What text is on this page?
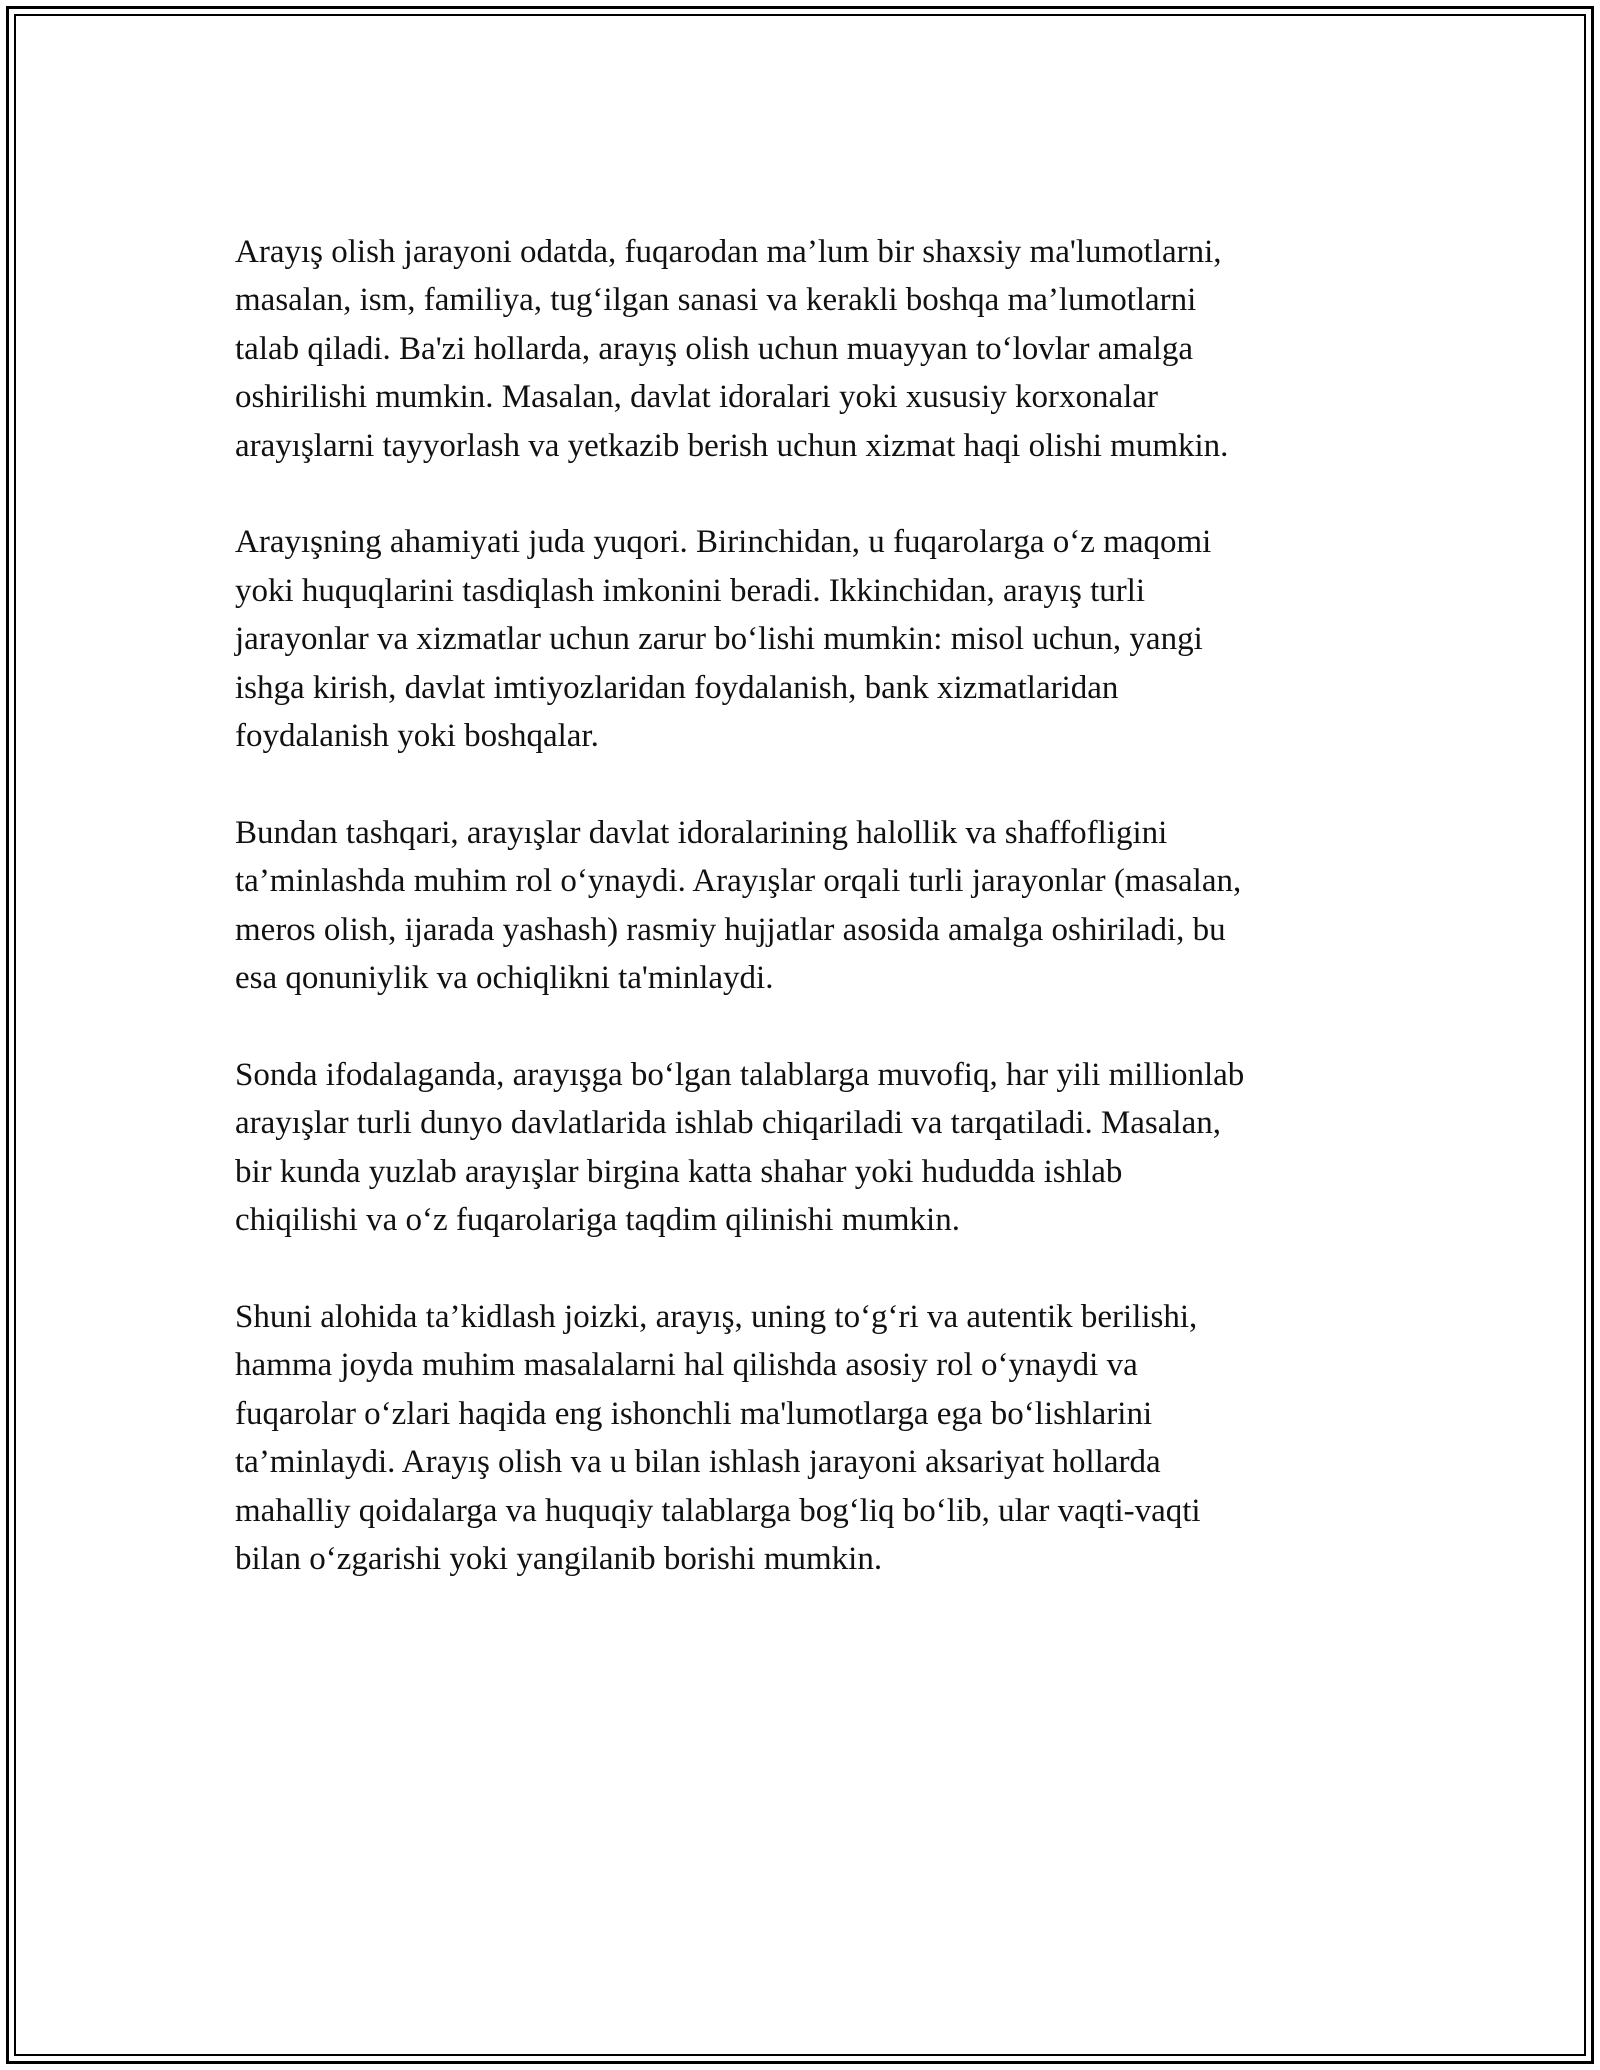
Arayış olish jarayoni odatda, fuqarodan ma’lum bir shaxsiy ma'lumotlarni,
masalan, ism, familiya, tug‘ilgan sanasi va kerakli boshqa ma’lumotlarni
talab qiladi. Ba'zi hollarda, arayış olish uchun muayyan to‘lovlar amalga
oshirilishi mumkin. Masalan, davlat idoralari yoki xususiy korxonalar
arayışlarni tayyorlash va yetkazib berish uchun xizmat haqi olishi mumkin.

Arayışning ahamiyati juda yuqori. Birinchidan, u fuqarolarga o‘z maqomi
yoki huquqlarini tasdiqlash imkonini beradi. Ikkinchidan, arayış turli
jarayonlar va xizmatlar uchun zarur bo‘lishi mumkin: misol uchun, yangi
ishga kirish, davlat imtiyozlaridan foydalanish, bank xizmatlaridan
foydalanish yoki boshqalar.

Bundan tashqari, arayışlar davlat idoralarining halollik va shaffofligini
ta’minlashda muhim rol o‘ynaydi. Arayışlar orqali turli jarayonlar (masalan,
meros olish, ijarada yashash) rasmiy hujjatlar asosida amalga oshiriladi, bu
esa qonuniylik va ochiqlikni ta'minlaydi.

Sonda ifodalaganda, arayışga bo‘lgan talablarga muvofiq, har yili millionlab
arayışlar turli dunyo davlatlarida ishlab chiqariladi va tarqatiladi. Masalan,
bir kunda yuzlab arayışlar birgina katta shahar yoki hududda ishlab
chiqilishi va o‘z fuqarolariga taqdim qilinishi mumkin.

Shuni alohida ta’kidlash joizki, arayış, uning to‘g‘ri va autentik berilishi,
hamma joyda muhim masalalarni hal qilishda asosiy rol o‘ynaydi va
fuqarolar o‘zlari haqida eng ishonchli ma'lumotlarga ega bo‘lishlarini
ta’minlaydi. Arayış olish va u bilan ishlash jarayoni aksariyat hollarda
mahalliy qoidalarga va huquqiy talablarga bog‘liq bo‘lib, ular vaqti-vaqti
bilan o‘zgarishi yoki yangilanib borishi mumkin.
